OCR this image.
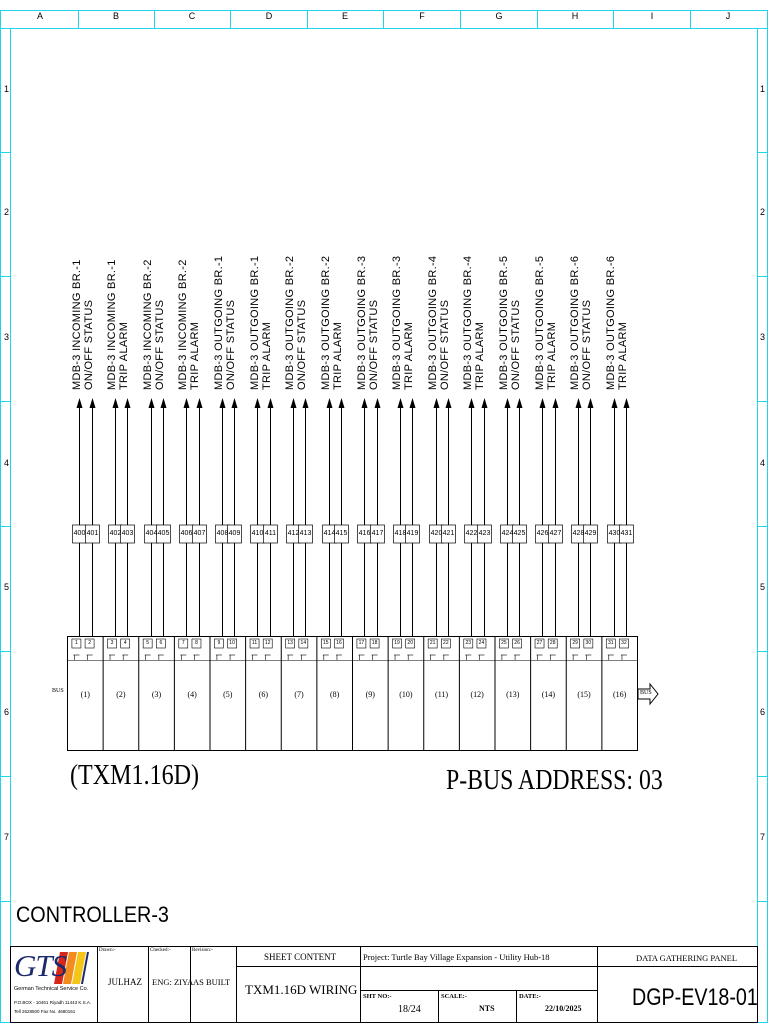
A	B	C	D	E	F	G	H	I	J
1	1
2	2
3	3
4	4
5	5
6	6
7	7
MDB-3 INCOMING BR.-1 ON/OFF STATUS MDB-3 INCOMING BR.-1 TRIP ALARM MDB-3 INCOMING BR.-2 ON/OFF STATUS MDB-3 INCOMING BR.-2 TRIP ALARM MDB-3 OUTGOING BR.-1 ON/OFF STATUS MDB-3 OUTGOING BR.-1 TRIP ALARM MDB-3 OUTGOING BR.-2 ON/OFF STATUS MDB-3 OUTGOING BR.-2 TRIP ALARM MDB-3 OUTGOING BR.-3 ON/OFF STATUS MDB-3 OUTGOING BR.-3 TRIP ALARM MDB-3 OUTGOING BR.-4 ON/OFF STATUS MDB-3 OUTGOING BR.-4 TRIP ALARM MDB-3 OUTGOING BR.-5 ON/OFF STATUS MDB-3 OUTGOING BR.-5 TRIP ALARM MDB-3 OUTGOING BR.-6 ON/OFF STATUS MDB-3 OUTGOING BR.-6 TRIP ALARM
400 401 402 403 404 405 406 407 408 409 410 411 412 413 414 415 416 417 418 419 420 421 422 423 424 425 426 427 428 429 430 431
1	2	3	4	5	6	7	8	9	10	11	12	13	14	15	16	17	18	19	20	21	22	23	24	25	26	27	28	29	30	31	32
(1)	(2)	(3)	(4)	(5)	(6)	(7)	(8)	(9)	(10)	(11)	(12)	(13)	(14)	(15)	(16)
BUS	BUS
(TXM1.16D)	P-BUS ADDRESS: 03
CONTROLLER-3
GTS
German Technical Service Co.
P.O.BOX - 10461 Riyadh 11443 K.S.A.
Tell 2628500 Fax No. 4680161
Drawn:-
JULHAZ
Checked:-
ENG: ZIYA
Revision:-
AS BUILT
SHEET CONTENT
TXM1.16D WIRING
Project: Turtle Bay Village Expansion - Utility Hub-18
SHT NO:-
18/24
SCALE:-
NTS
DATE:-
22/10/2025
DATA GATHERING PANEL
DGP-EV18-01
